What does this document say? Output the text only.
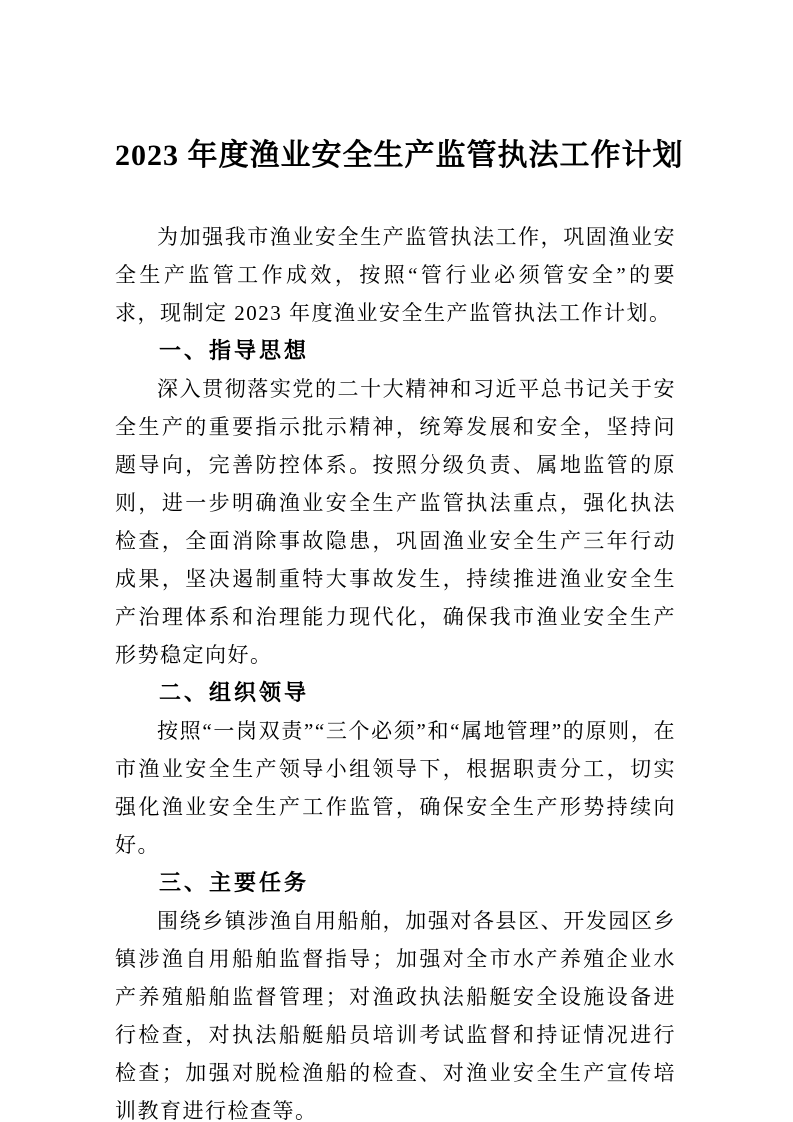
2023 年度渔业安全生产监管执法工作计划

为加强我市渔业安全生产监管执法工作，巩固渔业安全生产监管工作成效，按照“管行业必须管安全”的要求，现制定 2023 年度渔业安全生产监管执法工作计划。

一、指导思想

深入贯彻落实党的二十大精神和习近平总书记关于安全生产的重要指示批示精神，统筹发展和安全，坚持问题导向，完善防控体系。按照分级负责、属地监管的原则，进一步明确渔业安全生产监管执法重点，强化执法检查，全面消除事故隐患，巩固渔业安全生产三年行动成果，坚决遏制重特大事故发生，持续推进渔业安全生产治理体系和治理能力现代化，确保我市渔业安全生产形势稳定向好。

二、组织领导

按照“一岗双责”“三个必须”和“属地管理”的原则，在市渔业安全生产领导小组领导下，根据职责分工，切实强化渔业安全生产工作监管，确保安全生产形势持续向好。

三、主要任务

围绕乡镇涉渔自用船舶，加强对各县区、开发园区乡镇涉渔自用船舶监督指导；加强对全市水产养殖企业水产养殖船舶监督管理；对渔政执法船艇安全设施设备进行检查，对执法船艇船员培训考试监督和持证情况进行检查；加强对脱检渔船的检查、对渔业安全生产宣传培训教育进行检查等。
